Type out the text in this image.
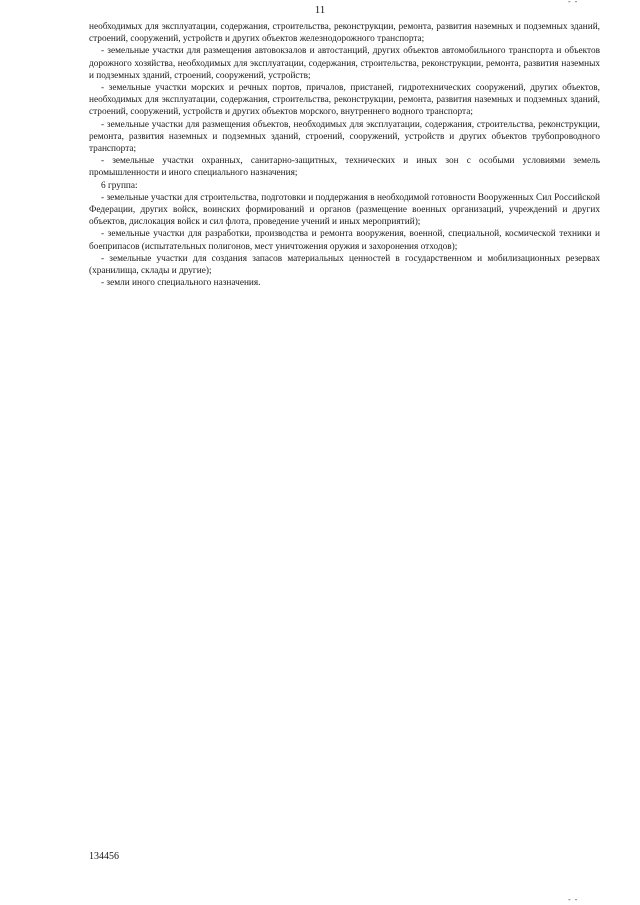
11

необходимых для эксплуатации, содержания, строительства, реконструкции, ремонта, развития наземных и подземных зданий, строений, сооружений, устройств и других объектов железнодорожного транспорта;

- земельные участки для размещения автовокзалов и автостанций, других объектов автомобильного транспорта и объектов дорожного хозяйства, необходимых для эксплуатации, содержания, строительства, реконструкции, ремонта, развития наземных и подземных зданий, строений, сооружений, устройств;

- земельные участки морских и речных портов, причалов, пристаней, гидротехнических сооружений, других объектов, необходимых для эксплуатации, содержания, строительства, реконструкции, ремонта, развития наземных и подземных зданий, строений, сооружений, устройств и других объектов морского, внутреннего водного транспорта;

- земельные участки для размещения объектов, необходимых для эксплуатации, содержания, строительства, реконструкции, ремонта, развития наземных и подземных зданий, строений, сооружений, устройств и других объектов трубопроводного транспорта;

- земельные участки охранных, санитарно-защитных, технических и иных зон с особыми условиями земель промышленности и иного специального назначения;

6 группа:

- земельные участки для строительства, подготовки и поддержания в необходимой готовности Вооруженных Сил Российской Федерации, других войск, воинских формирований и органов (размещение военных организаций, учреждений и других объектов, дислокация войск и сил флота, проведение учений и иных мероприятий);

- земельные участки для разработки, производства и ремонта вооружения, военной, специальной, космической техники и боеприпасов (испытательных полигонов, мест уничтожения оружия и захоронения отходов);

- земельные участки для создания запасов материальных ценностей в государственном и мобилизационных резервах (хранилища, склады и другие);

- земли иного специального назначения.

134456
- -
- -
